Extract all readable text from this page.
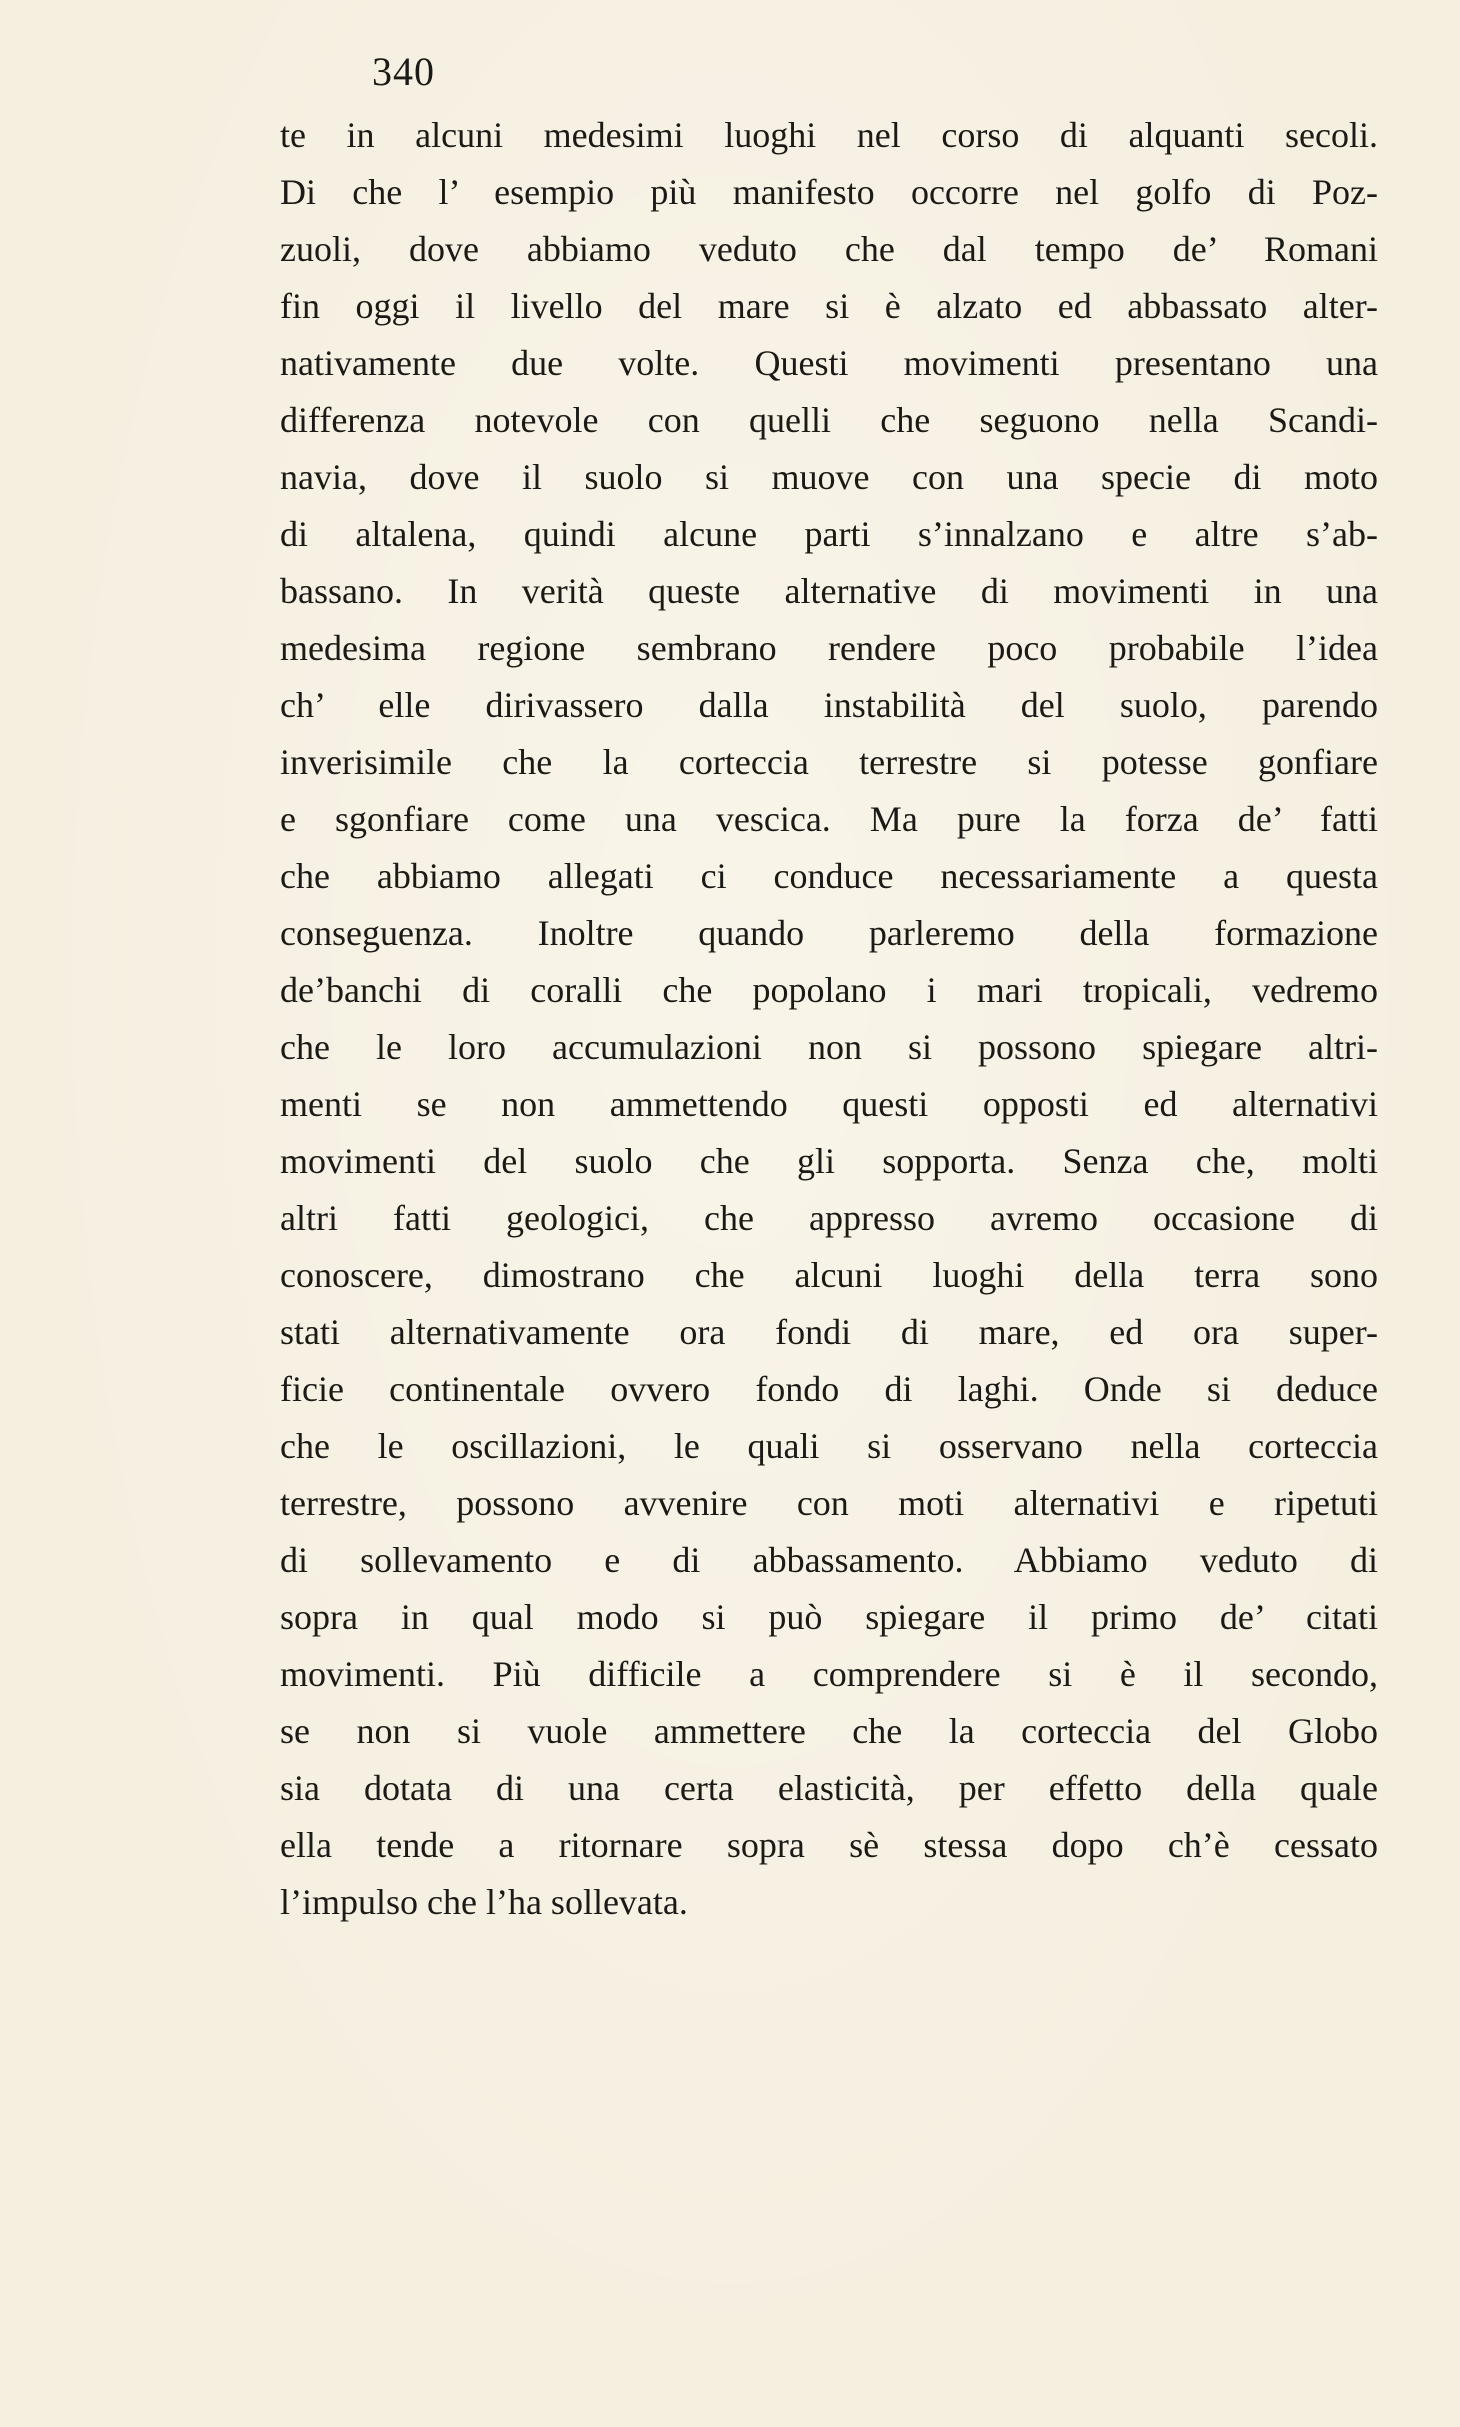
340
te in alcuni medesimi luoghi nel corso di alquanti secoli.
Di che l’ esempio più manifesto occorre nel golfo di Poz-
zuoli, dove abbiamo veduto che dal tempo de’ Romani
fin oggi il livello del mare si è alzato ed abbassato alter-
nativamente due volte. Questi movimenti presentano una
differenza notevole con quelli che seguono nella Scandi-
navia, dove il suolo si muove con una specie di moto
di altalena, quindi alcune parti s’innalzano e altre s’ab-
bassano. In verità queste alternative di movimenti in una
medesima regione sembrano rendere poco probabile l’idea
ch’ elle dirivassero dalla instabilità del suolo, parendo
inverisimile che la corteccia terrestre si potesse gonfiare
e sgonfiare come una vescica. Ma pure la forza de’ fatti
che abbiamo allegati ci conduce necessariamente a questa
conseguenza. Inoltre quando parleremo della formazione
de’banchi di coralli che popolano i mari tropicali, vedremo
che le loro accumulazioni non si possono spiegare altri-
menti se non ammettendo questi opposti ed alternativi
movimenti del suolo che gli sopporta. Senza che, molti
altri fatti geologici, che appresso avremo occasione di
conoscere, dimostrano che alcuni luoghi della terra sono
stati alternativamente ora fondi di mare, ed ora super-
ficie continentale ovvero fondo di laghi. Onde si deduce
che le oscillazioni, le quali si osservano nella corteccia
terrestre, possono avvenire con moti alternativi e ripetuti
di sollevamento e di abbassamento. Abbiamo veduto di
sopra in qual modo si può spiegare il primo de’ citati
movimenti. Più difficile a comprendere si è il secondo,
se non si vuole ammettere che la corteccia del Globo
sia dotata di una certa elasticità, per effetto della quale
ella tende a ritornare sopra sè stessa dopo ch’è cessato
l’impulso che l’ha sollevata.
